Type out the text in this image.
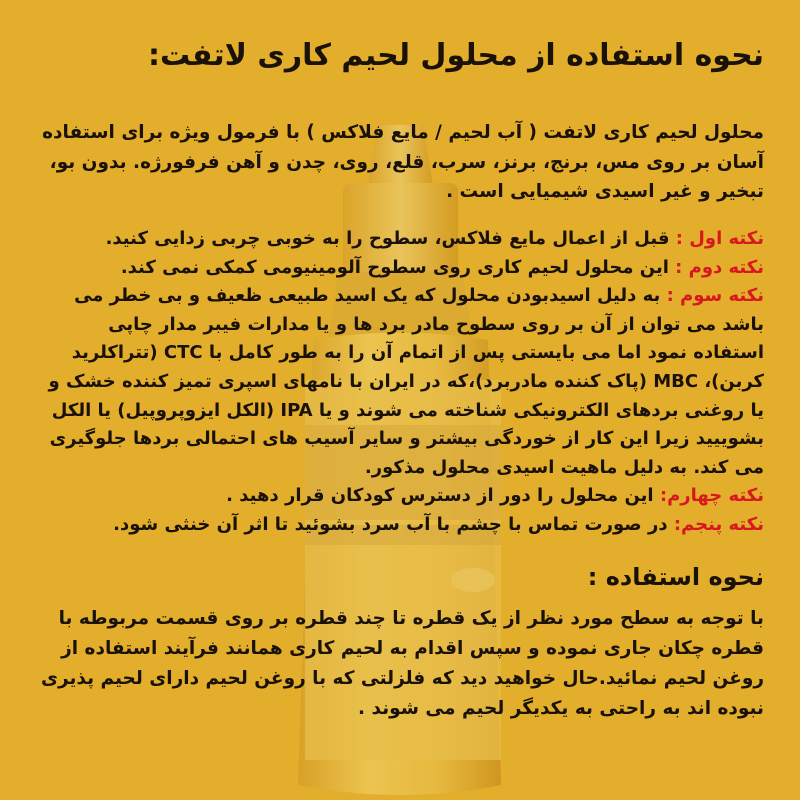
نحوه استفاده از محلول لحیم کاری لاتفت:

محلول لحیم کاری لاتفت ( آب لحیم / مایع فلاکس ) با فرمول ویژه برای استفاده آسان بر روی مس، برنج، برنز، سرب، قلع، روی، چدن و آهن فرفورژه. بدون بو، تبخیر و غیر اسیدی شیمیایی است .

نکته اول : قبل از اعمال مایع فلاکس، سطوح را به خوبی چربی زدایی کنید.
نکته دوم : این محلول لحیم کاری روی سطوح آلومینیومی کمکی نمی کند.
نکته سوم : به دلیل اسیدبودن محلول که یک اسید طبیعی ظعیف و بی خطر می باشد می توان از آن بر روی سطوح مادر برد ها و یا مدارات فیبر مدار چاپی استفاده نمود اما می بایستی پس از اتمام آن را به طور کامل با CTC (تتراکلرید کربن)، MBC (پاک کننده مادربرد)،که در ایران با نامهای اسپری تمیز کننده خشک و یا روغنی بردهای الکترونیکی شناخته می شوند و یا IPA (الکل ایزوپروپیل) یا الکل بشوییید زیرا این کار از خوردگی بیشتر و سایر آسیب های احتمالی بردها جلوگیری می کند. به دلیل ماهیت اسیدی محلول مذکور.
نکته چهارم: این محلول را دور از دسترس کودکان قرار دهید .
نکته پنجم: در صورت تماس با چشم با آب سرد بشوئید تا اثر آن خنثی شود.
نحوه استفاده :

با توجه به سطح مورد نظر از یک قطره تا چند قطره بر روی قسمت مربوطه با قطره چکان جاری نموده و سپس اقدام به لحیم کاری همانند فرآیند استفاده از روغن لحیم نمائید.حال خواهید دید که فلزلتی که با روغن لحیم دارای لحیم پذیری نبوده اند به راحتی به یکدیگر لحیم می شوند .
